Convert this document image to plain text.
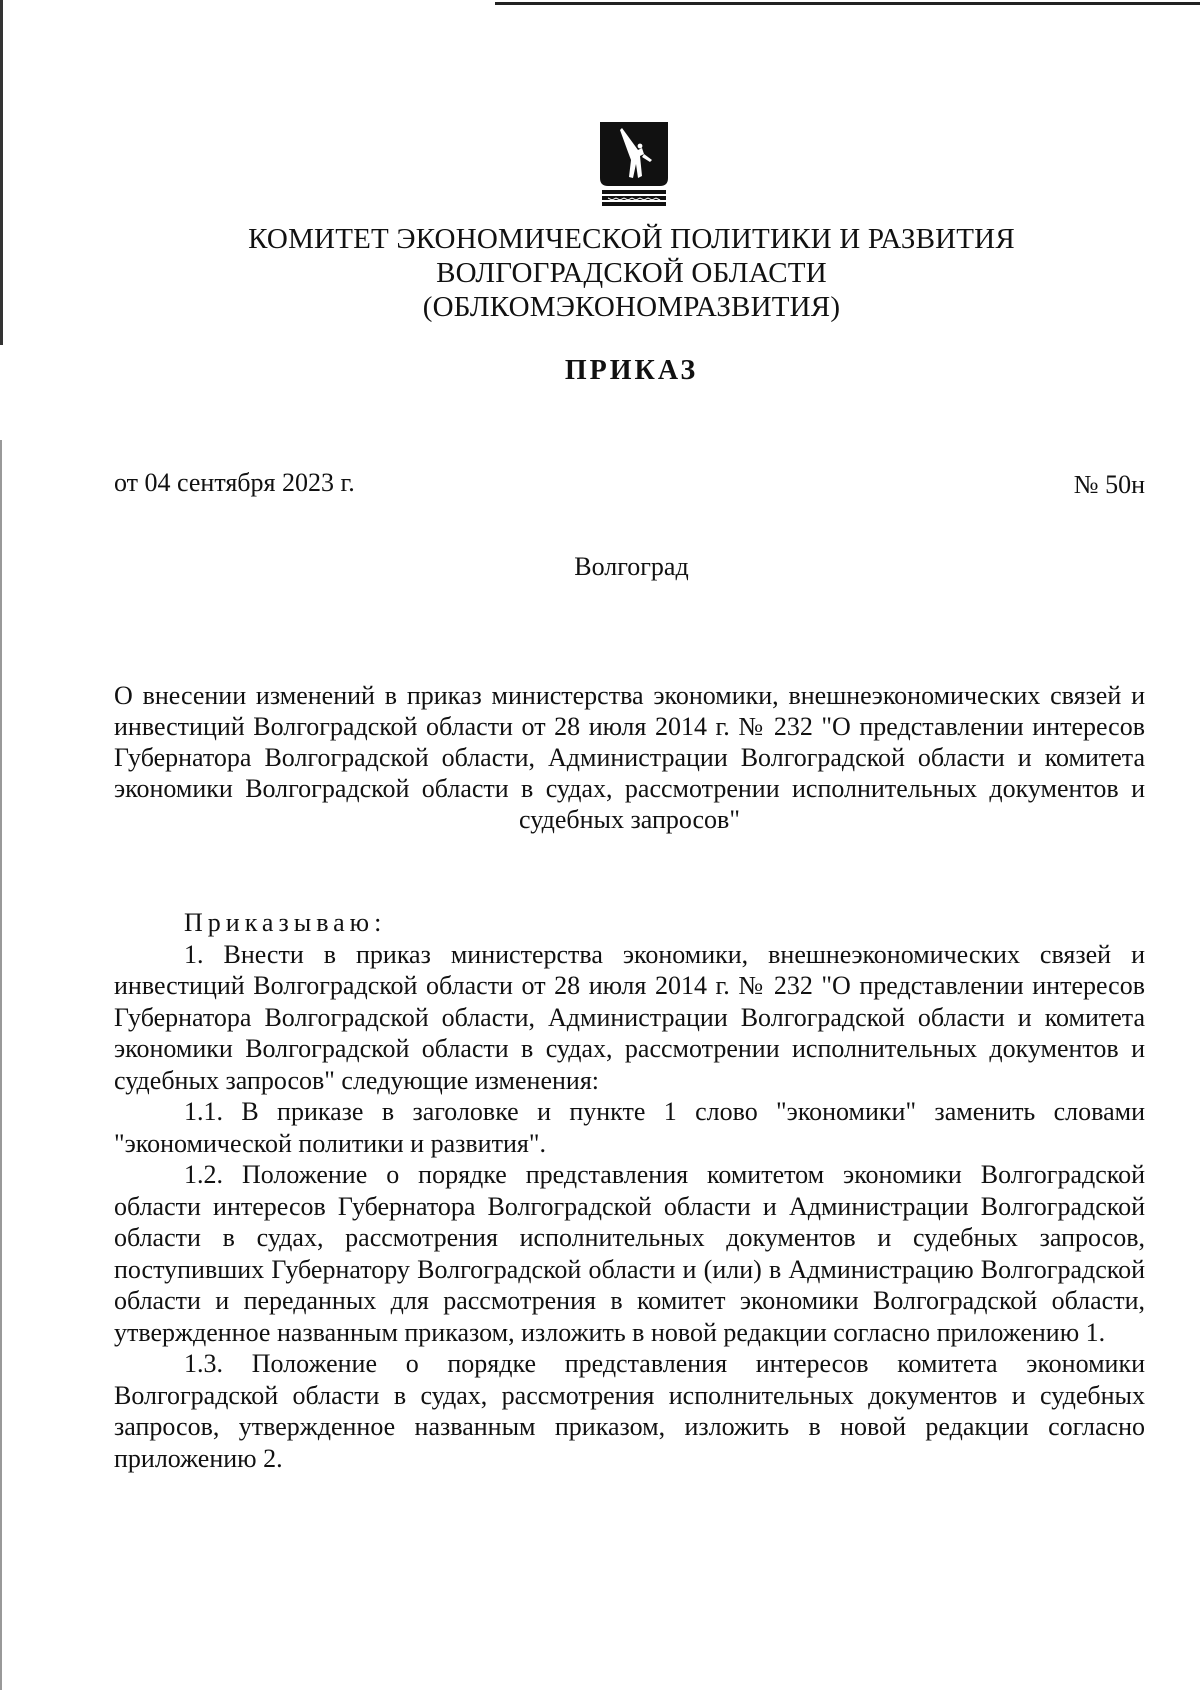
КОМИТЕТ ЭКОНОМИЧЕСКОЙ ПОЛИТИКИ И РАЗВИТИЯ
ВОЛГОГРАДСКОЙ ОБЛАСТИ
(ОБЛКОМЭКОНОМРАЗВИТИЯ)
ПРИКАЗ
от 04 сентября 2023 г.	№ 50н
Волгоград
О внесении изменений в приказ министерства экономики, внешнеэкономических связей и инвестиций Волгоградской области от 28 июля 2014 г. № 232 "О представлении интересов Губернатора Волгоградской области, Администрации Волгоградской области и комитета экономики Волгоградской области в судах, рассмотрении исполнительных документов и судебных запросов"

Приказываю:

1. Внести в приказ министерства экономики, внешнеэкономических связей и инвестиций Волгоградской области от 28 июля 2014 г. № 232 "О представлении интересов Губернатора Волгоградской области, Администрации Волгоградской области и комитета экономики Волгоградской области в судах, рассмотрении исполнительных документов и судебных запросов" следующие изменения:

1.1. В приказе в заголовке и пункте 1 слово "экономики" заменить словами "экономической политики и развития".

1.2. Положение о порядке представления комитетом экономики Волгоградской области интересов Губернатора Волгоградской области и Администрации Волгоградской области в судах, рассмотрения исполнительных документов и судебных запросов, поступивших Губернатору Волгоградской области и (или) в Администрацию Волгоградской области и переданных для рассмотрения в комитет экономики Волгоградской области, утвержденное названным приказом, изложить в новой редакции согласно приложению 1.

1.3. Положение о порядке представления интересов комитета экономики Волгоградской области в судах, рассмотрения исполнительных документов и судебных запросов, утвержденное названным приказом, изложить в новой редакции согласно приложению 2.
